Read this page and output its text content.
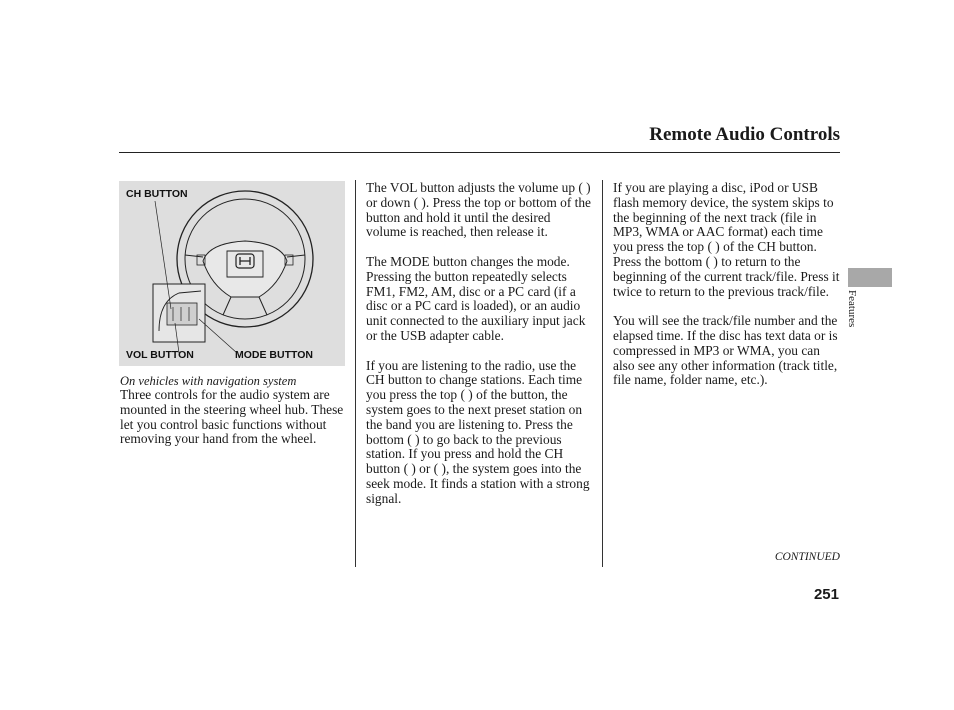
Remote Audio Controls
CH BUTTON
VOL BUTTON	MODE BUTTON
On vehicles with navigation system

Three controls for the audio system are mounted in the steering wheel hub. These let you control basic functions without removing your hand from the wheel.

The VOL button adjusts the volume up ( ) or down ( ). Press the top or bottom of the button and hold it until the desired volume is reached, then release it.

The MODE button changes the mode. Pressing the button repeatedly selects FM1, FM2, AM, disc or a PC card (if a disc or a PC card is loaded), or an audio unit connected to the auxiliary input jack or the USB adapter cable.

If you are listening to the radio, use the CH button to change stations. Each time you press the top ( ) of the button, the system goes to the next preset station on the band you are listening to. Press the bottom ( ) to go back to the previous station. If you press and hold the CH button ( ) or ( ), the system goes into the seek mode. It finds a station with a strong signal.

If you are playing a disc, iPod or USB flash memory device, the system skips to the beginning of the next track (file in MP3, WMA or AAC format) each time you press the top ( ) of the CH button. Press the bottom ( ) to return to the beginning of the current track/file. Press it twice to return to the previous track/file.

You will see the track/file number and the elapsed time. If the disc has text data or is compressed in MP3 or WMA, you can also see any other information (track title, file name, folder name, etc.).

Features
CONTINUED
251
